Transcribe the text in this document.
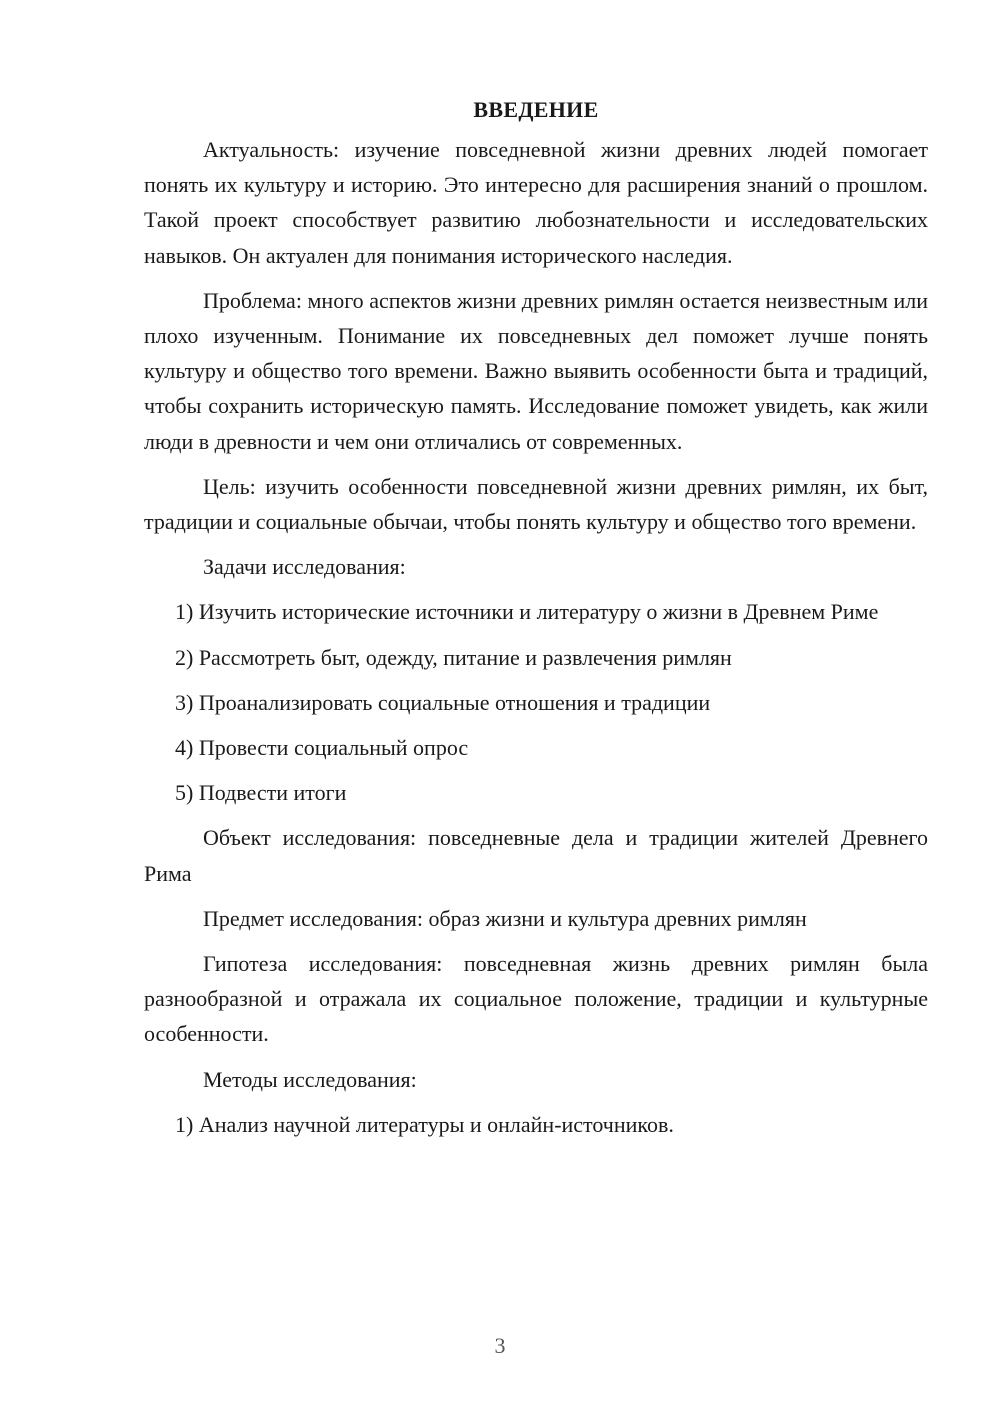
ВВЕДЕНИЕ

Актуальность: изучение повседневной жизни древних людей помогает понять их культуру и историю. Это интересно для расширения знаний о прошлом. Такой проект способствует развитию любознательности и исследовательских навыков. Он актуален для понимания исторического наследия.

Проблема: много аспектов жизни древних римлян остается неизвестным или плохо изученным. Понимание их повседневных дел поможет лучше понять культуру и общество того времени. Важно выявить особенности быта и традиций, чтобы сохранить историческую память. Исследование поможет увидеть, как жили люди в древности и чем они отличались от современных.

Цель: изучить особенности повседневной жизни древних римлян, их быт, традиции и социальные обычаи, чтобы понять культуру и общество того времени.

Задачи исследования:

1) Изучить исторические источники и литературу о жизни в Древнем Риме

2) Рассмотреть быт, одежду, питание и развлечения римлян

3) Проанализировать социальные отношения и традиции

4) Провести социальный опрос

5) Подвести итоги

Объект исследования: повседневные дела и традиции жителей Древнего Рима

Предмет исследования: образ жизни и культура древних римлян

Гипотеза исследования: повседневная жизнь древних римлян была разнообразной и отражала их социальное положение, традиции и культурные особенности.

Методы исследования:

1) Анализ научной литературы и онлайн-источников.

3
